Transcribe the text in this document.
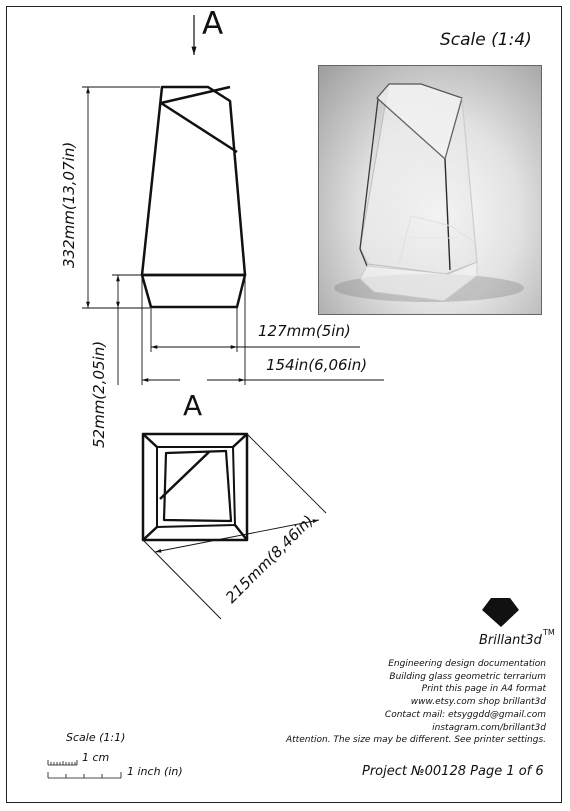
A	Scale (1:4)
332mm(13,07in)
52mm(2,05in)
127mm(5in)
154in(6,06in)
215mm(8,46in)
A
Brillant3d
TM
Engineering design documentation
Building glass geometric terrarium
Print this page in A4 format
www.etsy.com shop brillant3d
Contact mail: etsyggdd@gmail.com
instagram.com/brillant3d
Attention. The size may be different. See printer settings.
Scale (1:1)
1 cm
1 inch (in)	Project №00128 Page 1 of 6
